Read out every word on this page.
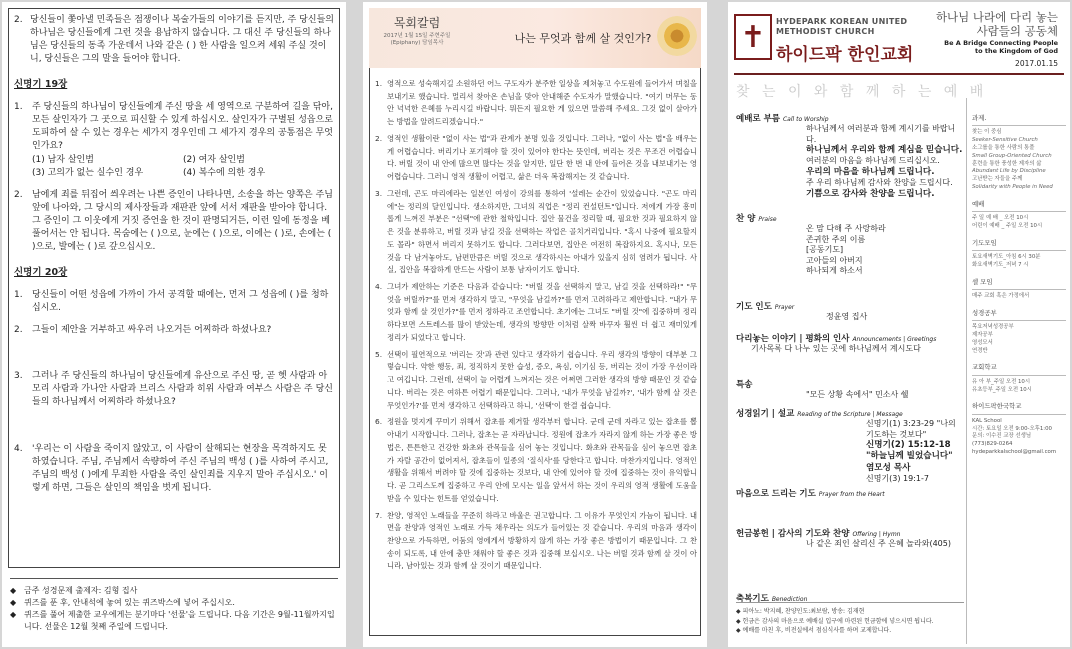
2. 당신들이 쫓아낼 민족들은 점쟁이나 복술가들의 이야기를 듣지만, 주 당신들의 하나님은 당신들에게 그런 것을 용납하지 않습니다. 그 대신 주 당신들의 하나님은 당신들의 동족 가운데서 나와 같은 ( ) 한 사람을 일으켜 세워 주실 것이니, 당신들은 그의 말을 들어야 합니다.
신명기 19장
1.	주 당신들의 하나님이 당신들에게 주신 땅을 세 영역으로 구분하여 길을 닦아, 모든 살인자가 그 곳으로 피신할 수 있게 하십시오. 살인자가 구별된 성읍으로 도피하여 살 수 있는 경우는 세가지 경우인데 그 세가지 경우의 공통점은 무엇인가요?
(1) 남자 살인범	(2) 여자 살인범
(3) 고의가 없는 실수인 경우	(4) 복수에 의한 경우
2.	남에게 죄를 뒤집어 씌우려는 나쁜 증인이 나타나면, 소송을 하는 양쪽은 주님 앞에 나아와, 그 당시의 제사장들과 재판관 앞에 서서 재판을 받아야 합니다. 그 증인이 그 이웃에게 거짓 증언을 한 것이 판명되거든, 이런 일에 동정을 베풀어서는 안 됩니다. 목숨에는 ( )으로, 눈에는 ( )으로, 이에는 ( )로, 손에는 ( )으로, 발에는 ( )로 갚으십시오.
신명기 20장
1.	당신들이 어떤 성읍에 가까이 가서 공격할 때에는, 먼저 그 성읍에 ( )를 청하십시오.
2.	그들이 제안을 거부하고 싸우러 나오거든 어찌하라 하셨나요?
3.	그러나 주 당신들의 하나님이 당신들에게 유산으로 주신 땅, 곧 헷 사람과 아모리 사람과 가나안 사람과 브리스 사람과 히위 사람과 여부스 사람은 주 당신들의 하나님께서 어찌하라 하셨나요?
4.	'우리는 이 사람을 죽이지 않았고, 이 사람이 살해되는 현장을 목격하지도 못하였습니다. 주님, 주님께서 속량하여 주신 주님의 백성 ( )를 사하여 주시고, 주님의 백성 ( )에게 무죄한 사람을 죽인 살인죄를 지우지 말아 주십시오.' 이렇게 하면, 그들은 살인의 책임을 벗게 됩니다.
◆ 금주 성경문제 출제자: 김형 집사
◆ 퀴즈를 푼 후, 안내석에 놓여 있는 퀴즈박스에 넣어 주십시오.
◆ 퀴즈를 풀어 제출한 교우에게는 분기마다 '선물'을 드립니다. 다음 기간은 9월-11월까지입니다. 선물은 12월 첫째 주일에 드립니다.
목회칼럼
2017년 1월 15일 주현주일(Epiphany) 담임목사	나는 무엇과 함께 살 것인가?
1. 영적으로 성숙해지길 소원하던 어느 구도자가 분주한 일상을 제쳐놓고 수도원에 들어가서 며칠을 보내기로 했습니다. 멀리서 찾아온 손님을 맞아 안내해준 수도자가 말했습니다. "여기 머무는 동안 넉넉한 은혜를 누리시길 바랍니다. 뭐든지 필요한 게 있으면 말씀해 주세요. 그것 없이 살아가는 방법을 알려드리겠습니다."
2. 영적인 생활이란 "없이 사는 법"과 관계가 분명 있을 것입니다. 그러나, "없이 사는 법"을 배우는게 어렵습니다. 버리기나 포기해야 할 것이 있어야 한다는 뜻인데, 버리는 것은 무조건 어렵습니다. 버릴 것이 내 안에 많으면 많다는 것을 알지만, 일단 한 번 내 안에 들어온 것을 내보내기는 영 어렵습니다. 그러니 영적 생활이 어렵고, 삶은 더욱 복잡해지는 것 같습니다.
3. 그런데, 곤도 마리에라는 일본인 여성이 강의를 통하여 '설레는 순간이 있었습니다. "곤도 마리에"는 정리의 달인입니다. 생소하지만, 그녀의 직업은 "정리 컨설턴트"입니다. 저에게 가장 흥미롭게 느껴진 부분은 "선택"에 관한 철학입니다. 집안 물건을 정리할 때, 필요한 것과 필요하지 않은 것을 분류하고, 버릴 것과 남길 것을 선택하는 작업은 골치거리입니다. "혹시 나중에 필요할지도 몰라" 하면서 버리지 못하기도 합니다. 그러다보면, 집안은 여전히 복잡하지요. 혹시나, 모든 것을 다 남겨놓아도, 남편만큼은 버릴 것으로 생각하시는 아내가 있을지 심히 염려가 됩니다. 사실, 집안을 복잡하게 만드는 사람이 보통 남자이기도 합니다.
4. 그녀가 제안하는 기준은 다음과 같습니다: "버릴 것을 선택하지 말고, 남길 것을 선택하라!" "무엇을 버릴까?"를 먼저 생각하지 말고, "무엇을 남길까?"를 먼저 고려하라고 제안합니다. "내가 무엇과 함께 살 것인가?"를 먼저 정하라고 조언합니다. 초기에는 그녀도 "버릴 것"에 집중하며 정리하다보면 스트레스를 많이 받았는데, 생각의 방향만 이처럼 살짝 바꾸자 훨씬 더 쉽고 재미있게 정리가 되었다고 합니다.
5. 선택이 필연적으로 '버리는 것'과 관련 있다고 생각하기 쉽습니다. 우리 생각의 방향이 대부분 그렇습니다. 약한 행동, 죄, 정직하지 못한 습성, 증오, 욕심, 이기심 등, 버리는 것이 가장 우선이라고 여깁니다. 그런데, 선택이 늘 어렵게 느껴지는 것은 어쩌면 그러한 생각의 방향 때문인 것 같습니다. 버리는 것은 여하튼 어렵기 때문입니다. 그러나, '내가 무엇을 남길까?', '내가 함께 살 것은 무엇인가?'를 먼저 생각하고 선택하라고 하니, '선택'이 한결 쉽습니다.
6. 정원을 멋지게 꾸미기 위해서 잡초를 제거할 생각부터 합니다. 군데 군데 자라고 있는 잡초를 뽑아내기 시작합니다. 그러나, 잡초는 곧 자라납니다. 정원에 잡초가 자라지 않게 하는 가장 좋은 방법은, 튼튼한고 건강한 화초와 관목들을 심어 놓는 것입니다. 화초와 관목들을 심어 놓으면 잡초가 자랄 공간이 없어져서, 잡초들이 일종의 '질식사'를 당한다고 합니다. 마찬가지입니다. 영적인 생활을 위해서 버려야 할 것에 집중하는 것보다, 내 안에 있어야 할 것에 집중하는 것이 유익합니다. 곧 그리스도께 집중하고 우리 안에 모시는 일을 앞서서 하는 것이 우리의 영적 생활에 도움을 받을 수 있다는 힌트를 얻었습니다.
7. 찬양, 영적인 노래들을 꾸준히 하라고 바울은 권고합니다. 그 이유가 무엇인지 가늠이 됩니다. 내면을 찬양과 영적인 노래로 가득 채우라는 의도가 들어있는 것 같습니다. 우리의 마음과 생각이 찬양으로 가득하면, 어둠의 영에게서 방황하지 않게 하는 가장 좋은 방법이기 때문입니다. 그 찬송이 되도록, 내 안에 충만 채워야 할 좋은 것과 집중해 보십시오. 나는 버릴 것과 함께 살 것이 아니라, 남아있는 것과 함께 살 것이기 때문입니다.
✝	HYDEPARK KOREAN UNITED
METHODIST CHURCH
하이드팍 한인교회
하나님 나라에 다리 놓는
사람들의 공동체
Be A Bridge Connecting People
to the Kingdom of God
2017.01.15
찾 는 이 와 함 께 하 는 예 배
예배로 부름 Call to Worship
하나님께서 여러분과 함께 계시기를 바랍니다.
하나님께서 우리와 함께 계심을 믿습니다.
여러분의 마음을 하나님께 드리십시오.
우리의 마음을 하나님께 드립니다.
주 우리 하나님께 감사와 찬양을 드립시다.
기쁨으로 감사와 찬양을 드립니다.
찬 양 Praise
온 맘 다해 주 사랑하라
존귀한 주의 이름
[공동기도]
고아들의 아버지
하나되게 하소서
기도 인도 Prayer
정윤영 집사
다리놓는 이야기 | 평화의 인사 Announcements | Greetings
기사목록 다 나누 있는 곳에 하나님께서 계시도다
특송
"모든 상황 속에서" 민소사 쉘
성경읽기 | 설교 Reading of the Scripture | Message
신명기(1) 3:23-29 "나의 기도하는 것보다"
신명기(2) 15:12-18
"하늘님께 빌었습니다"
염모성 목사
신명기(3) 19:1-7
마음으로 드리는 기도 Prayer from the Heart
헌금봉헌 | 감사의 기도와 찬양 Offering | Hymn
나 같은 죄인 살리신 주 은혜 놀라와(405)
축복기도 Benediction
과제.
찾는 이 중심
Seeker-Sensitive Church
소그룹을 통한 사람의 통풀
Small Group-Oriented Church
훈련을 통한 풍성한 제자의 삶
Abundant Life by Discipline
고난받는 자들을 주께
Solidarity with People in Need
예배
주 일 예 배 _ 오전 10시
어린이 예배 _ 주일 오전 10시
기도모임
토요새벽기도_아침 6시 30분
화요새벽기도_저녁 7 시
셀 모임
매주 교회 혹은 가정에서
성경공부
목요저녁성경공부
제자공부
영성모서
연경반
교회학교
유 아 부_주일 오전 10시
유초등부_주일 오전 10시
하이드팍한국학교
KAL School
시간: 토요일 오전 9:00-오후1:00
문의: 이수진 교장 선생님
(773)829-0264
hydeparkkalschool@gmail.com
◆ 피아노: 박지혜, 찬양인도:최보람, 방송: 김재현
◆ 헌금은 감사의 마음으로 예배실 입구에 마련된 헌금함에 넣으시면 됩니다.
◆ 예배를 마친 후, 비전실에서 점심식사를 하며 교제합니다.
